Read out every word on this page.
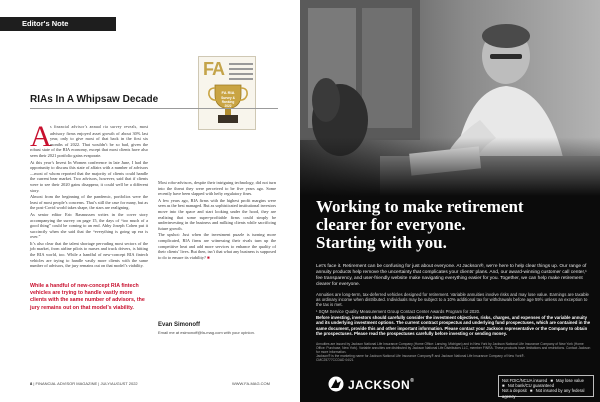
Editor's Note
FA
FA RIA
Survey &
Ranking
2022
RIAs In A Whipsaw Decade

A
s financial advisor’s annual ria survey reveals, most advisory firms enjoyed asset growth of about 30% last year, only to give most of that back in the first six months of 2022. That wouldn’t be so bad, given the robust state of the RIA economy, except that most clients have also seen their 2021 portfolio gains evaporate.

At this year’s Invest In Women conference in late June, I had the opportunity to discuss this state of affairs with a number of advisors—most of whom reported that the majority of clients could handle the current bear market. Two advisors, however, said that if clients were to see their 2020 gains disappear, it could well be a different story.

Almost from the beginning of the pandemic, portfolios were the least of most people’s concerns. That’s still the case for many, but as the post-Covid world takes shape, the stars are realigning.

As senior editor Eric Rasmussen writes in the cover story accompanying the survey on page 15, the days of “too much of a good thing” could be coming to an end. Abby Joseph Cohen put it succinctly when she said that the “everything is going up era is over.”

It’s also clear that the talent shortage pervading most sectors of the job market, from airline pilots to nurses and truck drivers, is hitting the RIA world, too. While a handful of new-concept RIA fintech vehicles are trying to handle vastly more clients with the same number of advisors, the jury remains out on that model’s viability.

While a handful of new-concept RIA fintech vehicles are trying to handle vastly more clients with the same number of advisors, the jury remains out on that model’s viability.

Most robo-advisors, despite their intriguing technology, did not turn into the threat they were perceived to be five years ago. Some recently have been slapped with hefty regulatory fines.

A few years ago, RIA firms with the highest profit margins were seen as the best managed. But as sophisticated institutional investors move into the space and start looking under the hood, they are realizing that some super-profitable firms could simply be underinvesting in the business and milking clients while sacrificing future growth.

The upshot: Just when the investment puzzle is turning more complicated, RIA firms are witnessing their rivals turn up the competitive heat and add more services to enhance the quality of their clients’ lives. But then, isn’t that what any business is supposed to do to ensure its viability? ■

Evan Simonoff
Email me at esimonoff@fa-mag.com with your opinion.
8 | FINANCIAL ADVISOR MAGAZINE | JULY/AUGUST 2022	WWW.FA-MAG.COM
Working to make retirement
clearer for everyone.
Starting with you.
Let’s face it. Retirement can be confusing for just about everyone. At Jackson®, we’re here to help clear things up. Our range of annuity products help remove the uncertainty that complicates your clients’ plans. And, our award-winning customer call center,¹ fee transparency, and user-friendly website make navigating everything easier for you. Together, we can help make retirement clearer for everyone.

Annuities are long-term, tax-deferred vehicles designed for retirement. Variable annuities involve risks and may lose value. Earnings are taxable as ordinary income when distributed. Individuals may be subject to a 10% additional tax for withdrawals before age 59½ unless an exception to the tax is met.

¹ SQM Service Quality Measurement Group Contact Center Awards Program for 2020.

Before investing, investors should carefully consider the investment objectives, risks, charges, and expenses of the variable annuity and its underlying investment options. The current contract prospectus and underlying fund prospectuses, which are contained in the same document, provide this and other important information. Please contact your Jackson representative or the Company to obtain the prospectuses. Please read the prospectuses carefully before investing or sending money.

Annuities are issued by Jackson National Life Insurance Company (Home Office: Lansing, Michigan) and in New York by Jackson National Life Insurance Company of New York (Home Office: Purchase, New York). Variable annuities are distributed by Jackson National Life Distributors LLC, member FINRA. These products have limitations and restrictions. Contact Jackson for more information.

Jackson® is the marketing name for Jackson National Life Insurance Company® and Jackson National Life Insurance Company of New York®.

CMC25777CCDAD 04/21

JACKSON®	Not FDIC/NCUA insured ■ May lose value ■ Not bank/CU guaranteed
Not a deposit ■ Not insured by any federal agency
